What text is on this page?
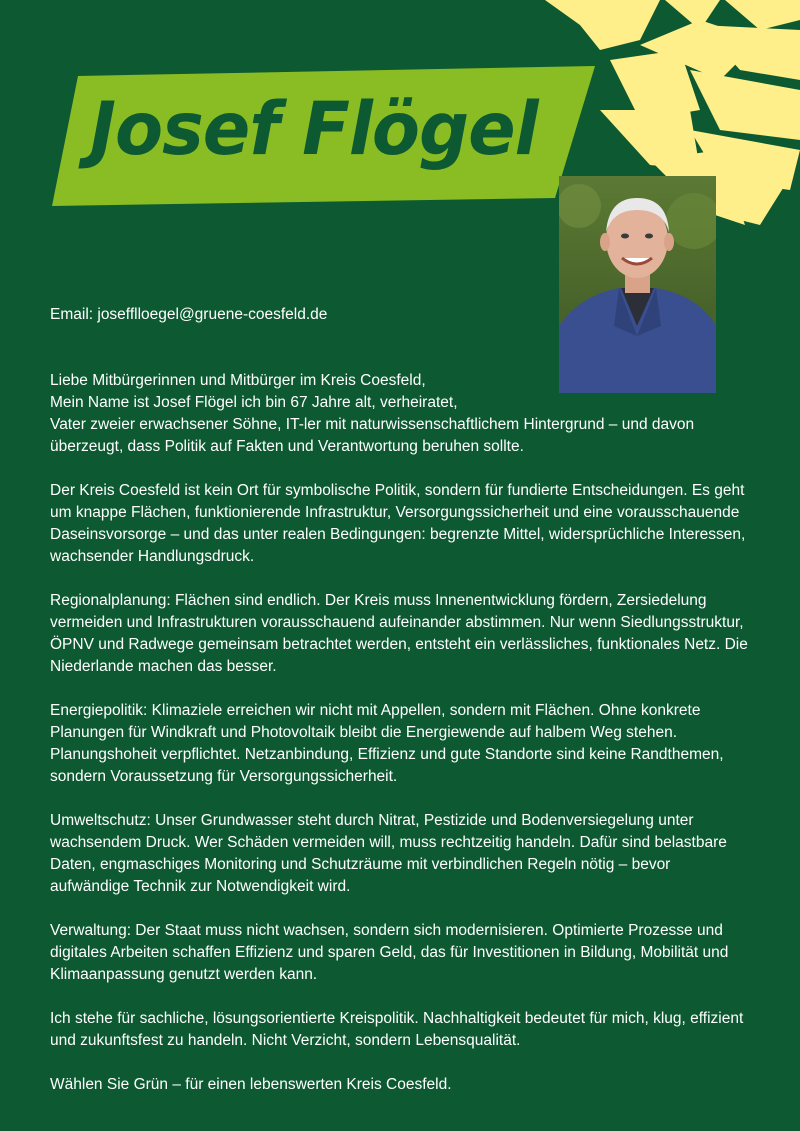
Josef Flögel
Email: josefflloegel@gruene-coesfeld.de
Liebe Mitbürgerinnen und Mitbürger im Kreis Coesfeld,
Mein Name ist Josef Flögel ich bin 67 Jahre alt, verheiratet,
Vater zweier erwachsener Söhne, IT-ler mit naturwissenschaftlichem Hintergrund – und davon
überzeugt, dass Politik auf Fakten und Verantwortung beruhen sollte.

Der Kreis Coesfeld ist kein Ort für symbolische Politik, sondern für fundierte Entscheidungen. Es geht um knappe Flächen, funktionierende Infrastruktur, Versorgungssicherheit und eine vorausschauende Daseinsvorsorge – und das unter realen Bedingungen: begrenzte Mittel, widersprüchliche Interessen, wachsender Handlungsdruck.

Regionalplanung: Flächen sind endlich. Der Kreis muss Innenentwicklung fördern, Zersiedelung vermeiden und Infrastrukturen vorausschauend aufeinander abstimmen. Nur wenn Siedlungsstruktur, ÖPNV und Radwege gemeinsam betrachtet werden, entsteht ein verlässliches, funktionales Netz. Die Niederlande machen das besser.

Energiepolitik: Klimaziele erreichen wir nicht mit Appellen, sondern mit Flächen. Ohne konkrete Planungen für Windkraft und Photovoltaik bleibt die Energiewende auf halbem Weg stehen. Planungshoheit verpflichtet. Netzanbindung, Effizienz und gute Standorte sind keine Randthemen, sondern Voraussetzung für Versorgungssicherheit.

Umweltschutz: Unser Grundwasser steht durch Nitrat, Pestizide und Bodenversiegelung unter wachsendem Druck. Wer Schäden vermeiden will, muss rechtzeitig handeln. Dafür sind belastbare Daten, engmaschiges Monitoring und Schutzräume mit verbindlichen Regeln nötig – bevor aufwändige Technik zur Notwendigkeit wird.

Verwaltung: Der Staat muss nicht wachsen, sondern sich modernisieren. Optimierte Prozesse und digitales Arbeiten schaffen Effizienz und sparen Geld, das für Investitionen in Bildung, Mobilität und Klimaanpassung genutzt werden kann.

Ich stehe für sachliche, lösungsorientierte Kreispolitik. Nachhaltigkeit bedeutet für mich, klug, effizient und zukunftsfest zu handeln. Nicht Verzicht, sondern Lebensqualität.

Wählen Sie Grün – für einen lebenswerten Kreis Coesfeld.
